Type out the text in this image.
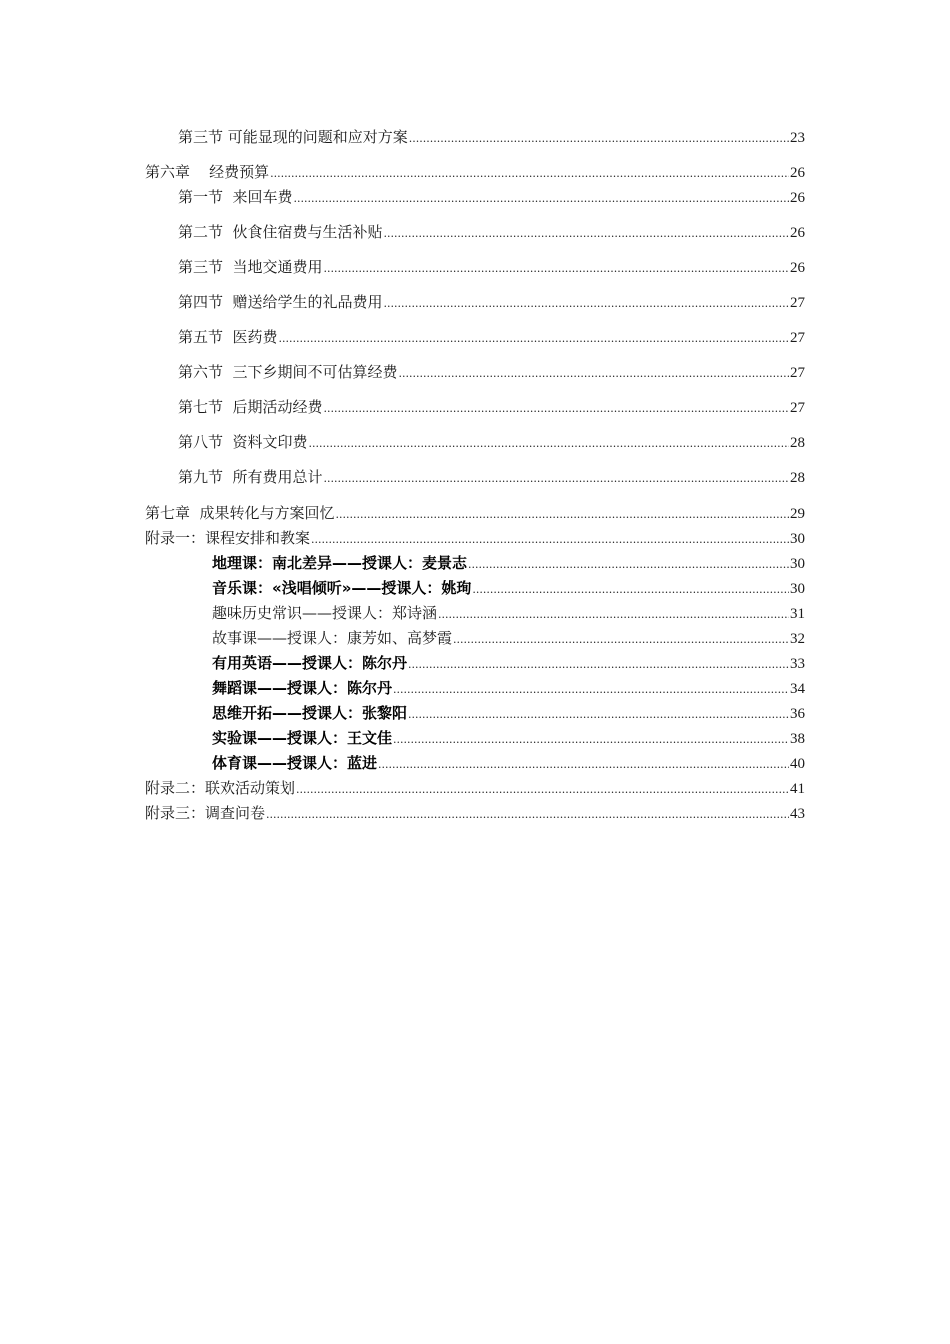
第三节 可能显现的问题和应对方案 .....	23
第六章    经费预算 .....	26
第一节  来回车费 .....	26
第二节  伙食住宿费与生活补贴 .....	26
第三节  当地交通费用 .....	26
第四节  赠送给学生的礼品费用 .....	27
第五节  医药费 .....	27
第六节  三下乡期间不可估算经费 .....	27
第七节  后期活动经费 .....	27
第八节  资料文印费 .....	28
第九节  所有费用总计 .....	28
第七章  成果转化与方案回忆 .....	29
附录一：课程安排和教案 .....	30
地理课：南北差异——授课人：麦景志 .....	30
音乐课：«浅唱倾听»——授课人：姚珣 .....	30
趣味历史常识——授课人：郑诗涵 .....	31
故事课——授课人：康芳如、高梦霞 .....	32
有用英语——授课人：陈尔丹 .....	33
舞蹈课——授课人：陈尔丹 .....	34
思维开拓——授课人：张黎阳 .....	36
实验课——授课人：王文佳 .....	38
体育课——授课人：蓝进 .....	40
附录二：联欢活动策划 .....	41
附录三：调查问卷 .....	43
